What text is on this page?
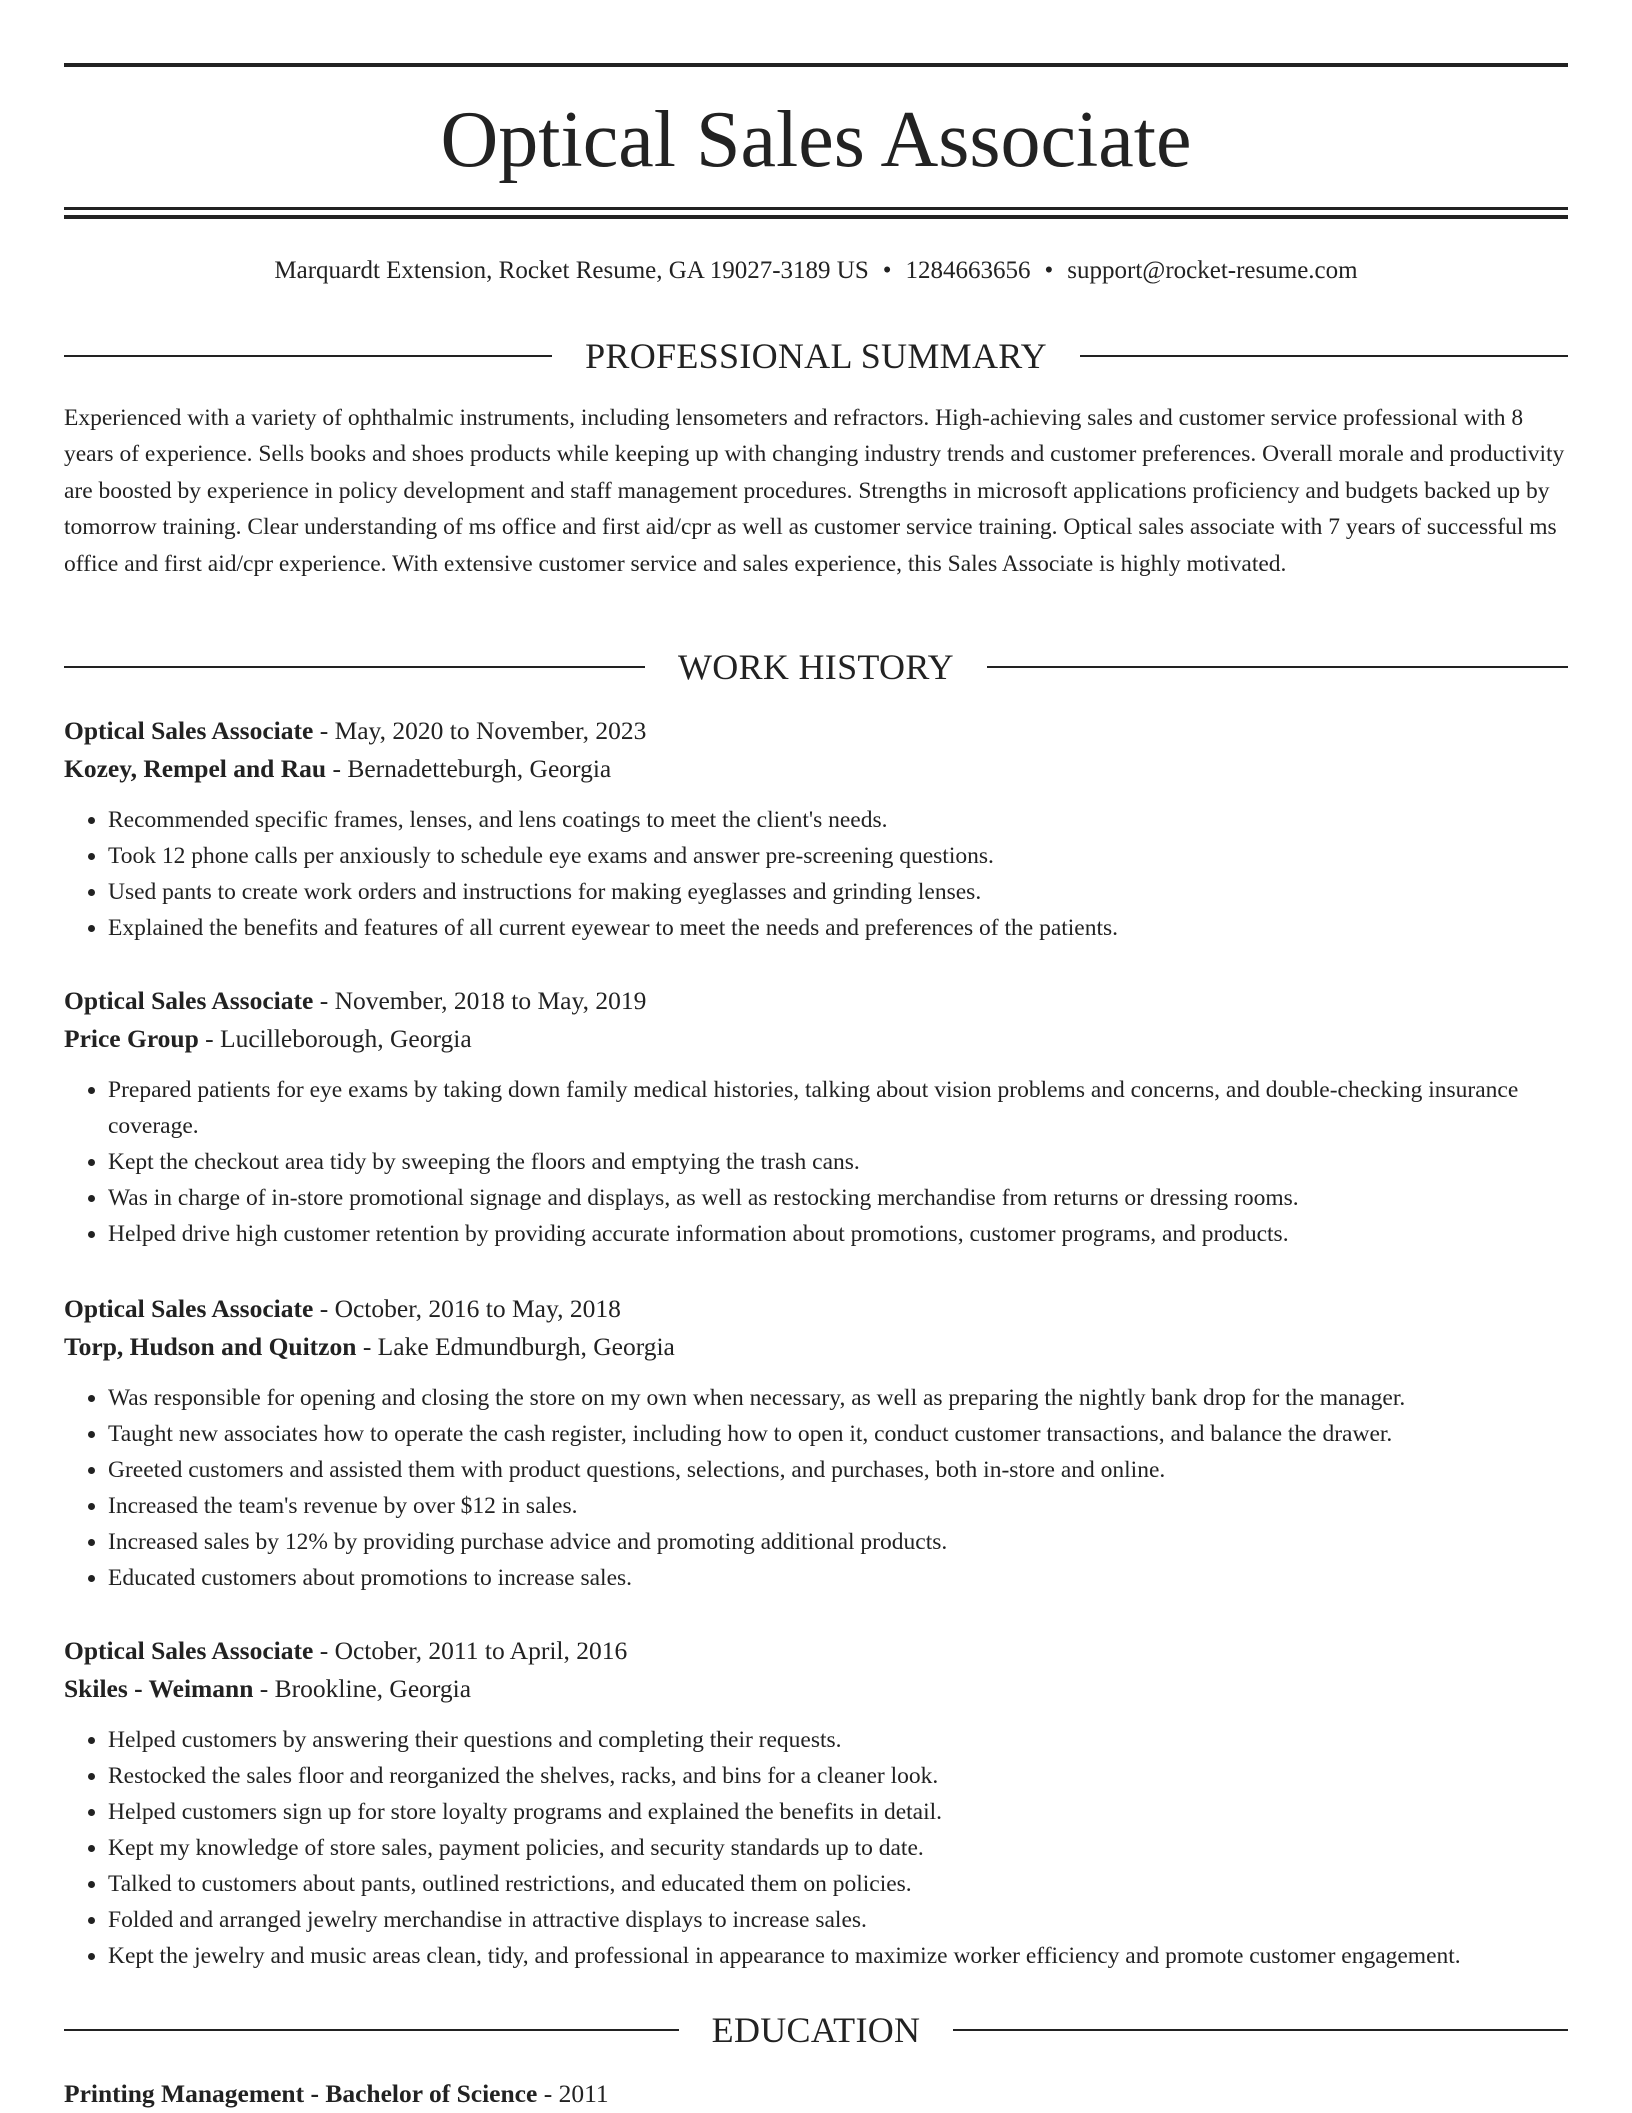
Optical Sales Associate
Marquardt Extension, Rocket Resume, GA 19027-3189 US • 1284663656 • support@rocket-resume.com
PROFESSIONAL SUMMARY

Experienced with a variety of ophthalmic instruments, including lensometers and refractors. High-achieving sales and customer service professional with 8 years of experience. Sells books and shoes products while keeping up with changing industry trends and customer preferences. Overall morale and productivity are boosted by experience in policy development and staff management procedures. Strengths in microsoft applications proficiency and budgets backed up by tomorrow training. Clear understanding of ms office and first aid/cpr as well as customer service training. Optical sales associate with 7 years of successful ms office and first aid/cpr experience. With extensive customer service and sales experience, this Sales Associate is highly motivated.

WORK HISTORY
Optical Sales Associate - May, 2020 to November, 2023
Kozey, Rempel and Rau - Bernadetteburgh, Georgia
• Recommended specific frames, lenses, and lens coatings to meet the client's needs.
• Took 12 phone calls per anxiously to schedule eye exams and answer pre-screening questions.
• Used pants to create work orders and instructions for making eyeglasses and grinding lenses.
• Explained the benefits and features of all current eyewear to meet the needs and preferences of the patients.
Optical Sales Associate - November, 2018 to May, 2019
Price Group - Lucilleborough, Georgia
• Prepared patients for eye exams by taking down family medical histories, talking about vision problems and concerns, and double-checking insurance coverage.
• Kept the checkout area tidy by sweeping the floors and emptying the trash cans.
• Was in charge of in-store promotional signage and displays, as well as restocking merchandise from returns or dressing rooms.
• Helped drive high customer retention by providing accurate information about promotions, customer programs, and products.
Optical Sales Associate - October, 2016 to May, 2018
Torp, Hudson and Quitzon - Lake Edmundburgh, Georgia
• Was responsible for opening and closing the store on my own when necessary, as well as preparing the nightly bank drop for the manager.
• Taught new associates how to operate the cash register, including how to open it, conduct customer transactions, and balance the drawer.
• Greeted customers and assisted them with product questions, selections, and purchases, both in-store and online.
• Increased the team's revenue by over $12 in sales.
• Increased sales by 12% by providing purchase advice and promoting additional products.
• Educated customers about promotions to increase sales.
Optical Sales Associate - October, 2011 to April, 2016
Skiles - Weimann - Brookline, Georgia
• Helped customers by answering their questions and completing their requests.
• Restocked the sales floor and reorganized the shelves, racks, and bins for a cleaner look.
• Helped customers sign up for store loyalty programs and explained the benefits in detail.
• Kept my knowledge of store sales, payment policies, and security standards up to date.
• Talked to customers about pants, outlined restrictions, and educated them on policies.
• Folded and arranged jewelry merchandise in attractive displays to increase sales.
• Kept the jewelry and music areas clean, tidy, and professional in appearance to maximize worker efficiency and promote customer engagement.
EDUCATION
Printing Management - Bachelor of Science - 2011
